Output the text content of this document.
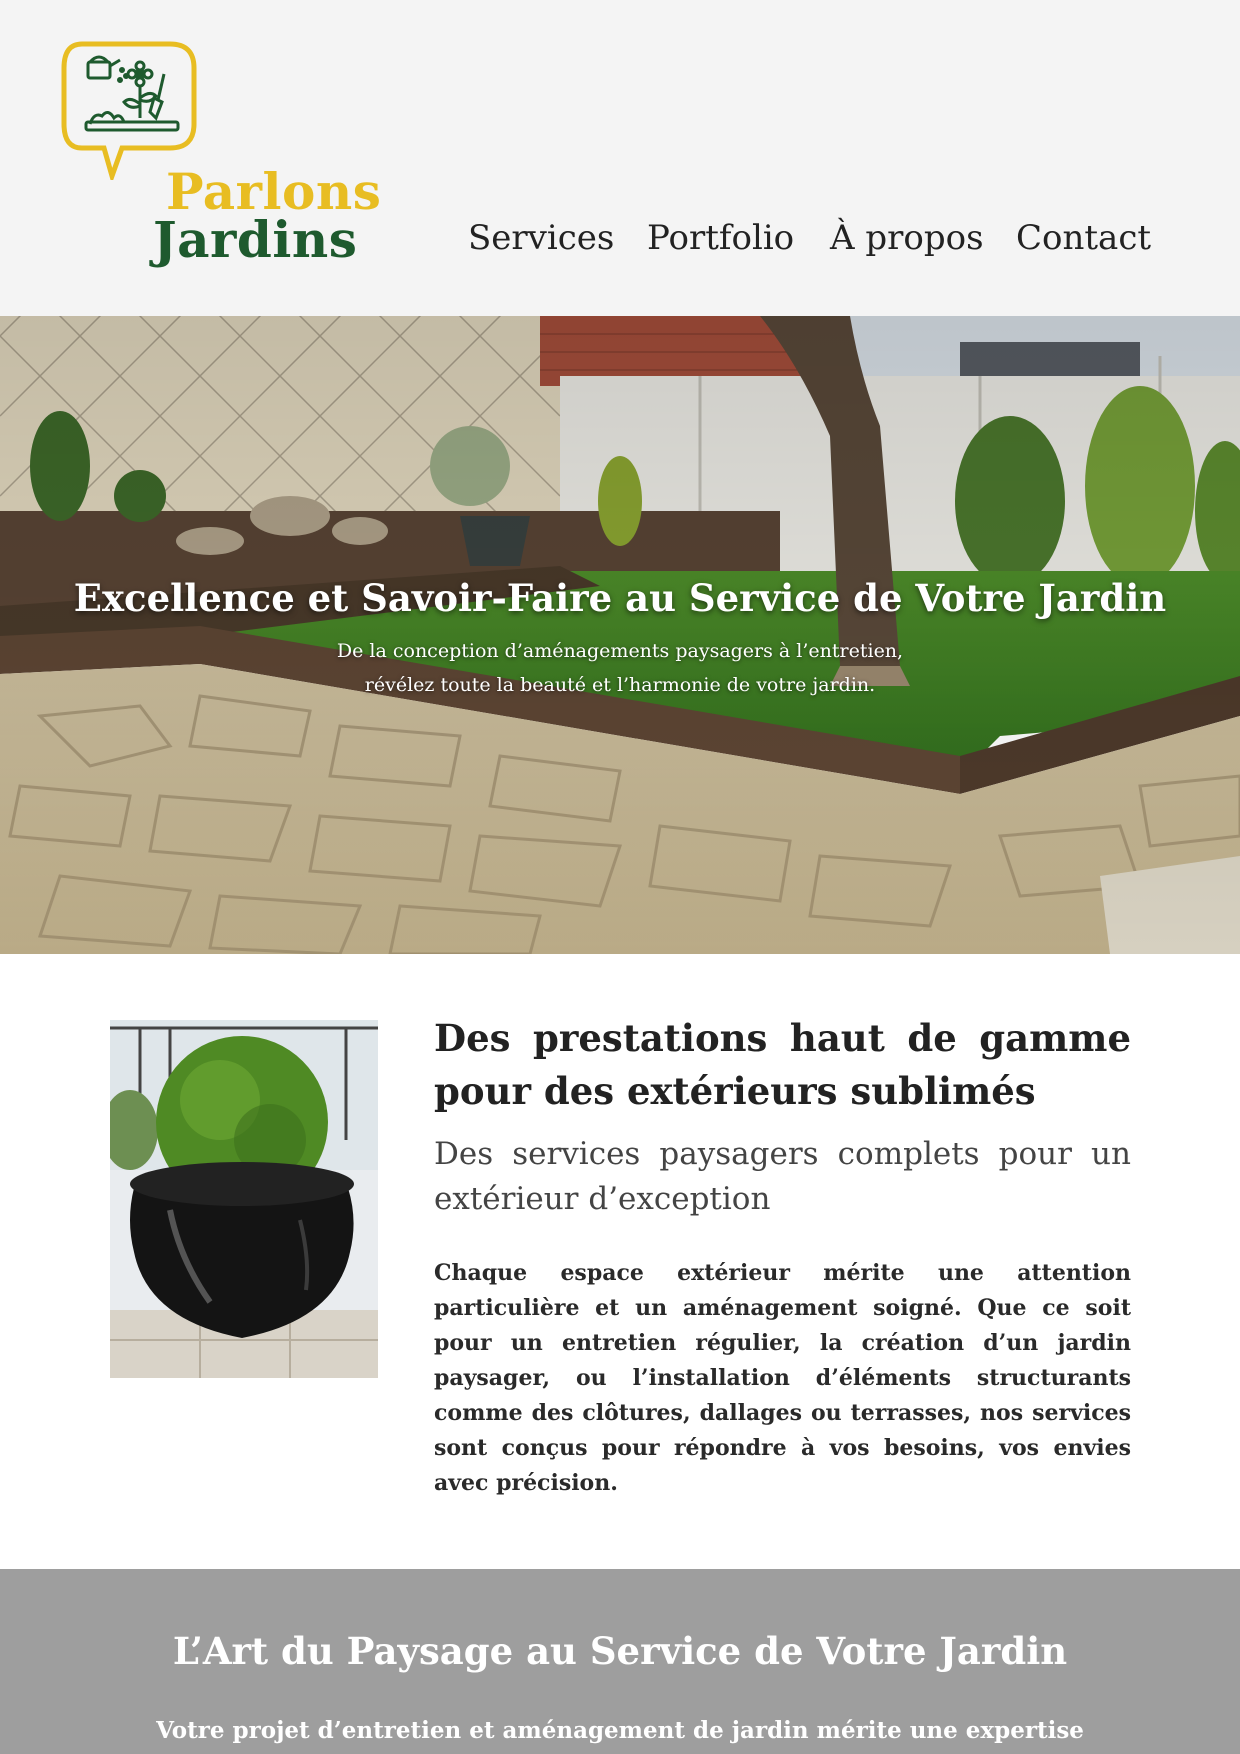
Parlons
Jardins	Services Portfolio À propos Contact
Excellence et Savoir-Faire au Service de Votre Jardin
De la conception d’aménagements paysagers à l’entretien,
révélez toute la beauté et l’harmonie de votre jardin.
Des prestations haut de gamme pour des extérieurs sublimés

Des services paysagers complets pour un extérieur d’exception

Chaque espace extérieur mérite une attention particulière et un aménagement soigné. Que ce soit pour un entretien régulier, la création d’un jardin paysager, ou l’installation d’éléments structurants comme des clôtures, dallages ou terrasses, nos services sont conçus pour répondre à vos besoins, vos envies avec précision.

L’Art du Paysage au Service de Votre Jardin

Votre projet d’entretien et aménagement de jardin mérite une expertise
